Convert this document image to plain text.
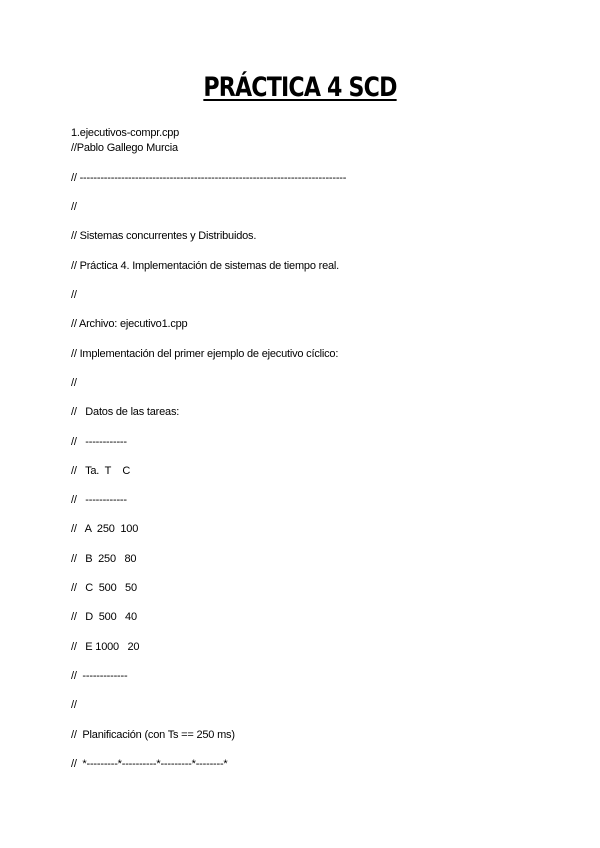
PRÁCTICA 4 SCD
1.ejecutivos-compr.cpp
//Pablo Gallego Murcia
// -----------------------------------------------------------------------------
//
// Sistemas concurrentes y Distribuidos.
// Práctica 4. Implementación de sistemas de tiempo real.
//
// Archivo: ejecutivo1.cpp
// Implementación del primer ejemplo de ejecutivo cíclico:
//
//   Datos de las tareas:
//   ------------
//   Ta.  T    C
//   ------------
//   A  250  100
//   B  250   80
//   C  500   50
//   D  500   40
//   E 1000   20
//  -------------
//
//  Planificación (con Ts == 250 ms)
//  *---------*----------*---------*--------*
